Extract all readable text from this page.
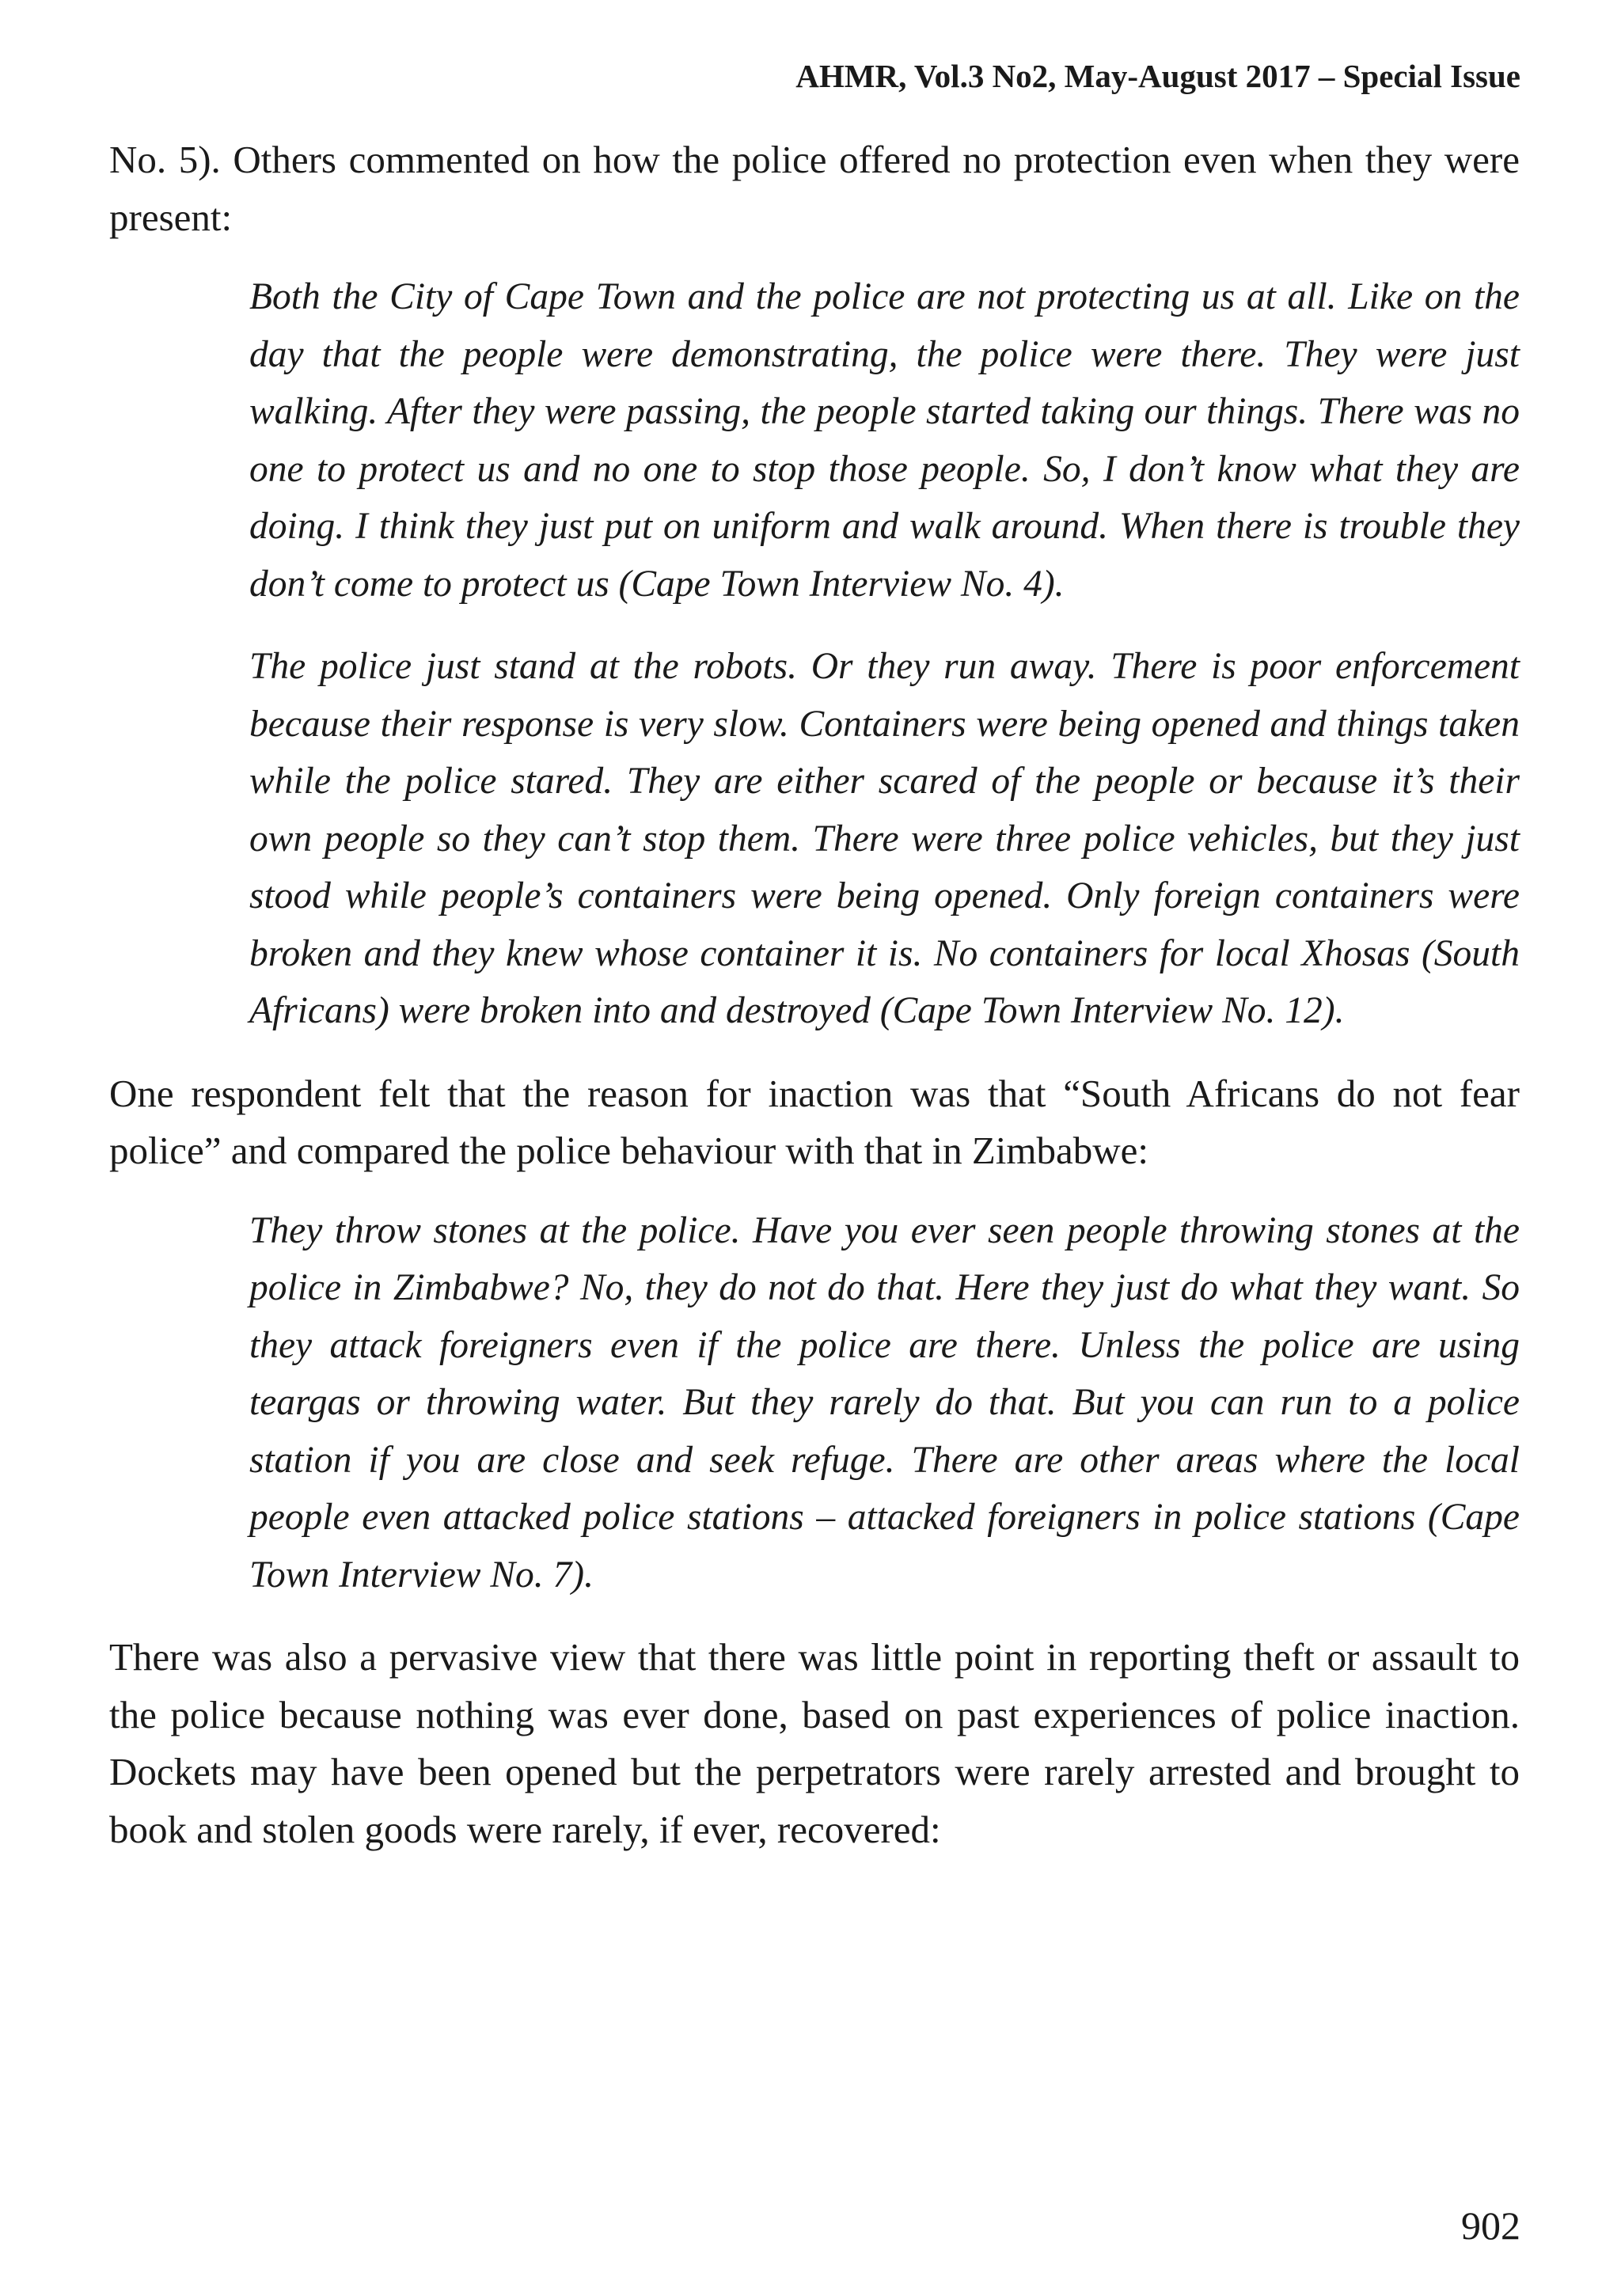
AHMR, Vol.3 No2, May-August 2017 – Special Issue

No. 5). Others commented on how the police offered no protection even when they were present:

Both the City of Cape Town and the police are not protecting us at all. Like on the day that the people were demonstrating, the police were there. They were just walking. After they were passing, the people started taking our things. There was no one to protect us and no one to stop those people. So, I don’t know what they are doing. I think they just put on uniform and walk around. When there is trouble they don’t come to protect us (Cape Town Interview No. 4).

The police just stand at the robots. Or they run away. There is poor enforcement because their response is very slow. Containers were being opened and things taken while the police stared. They are either scared of the people or because it’s their own people so they can’t stop them. There were three police vehicles, but they just stood while people’s containers were being opened. Only foreign containers were broken and they knew whose container it is. No containers for local Xhosas (South Africans) were broken into and destroyed (Cape Town Interview No. 12).

One respondent felt that the reason for inaction was that “South Africans do not fear police” and compared the police behaviour with that in Zimbabwe:

They throw stones at the police. Have you ever seen people throwing stones at the police in Zimbabwe? No, they do not do that. Here they just do what they want. So they attack foreigners even if the police are there. Unless the police are using teargas or throwing water. But they rarely do that. But you can run to a police station if you are close and seek refuge. There are other areas where the local people even attacked police stations – attacked foreigners in police stations (Cape Town Interview No. 7).

There was also a pervasive view that there was little point in reporting theft or assault to the police because nothing was ever done, based on past experiences of police inaction. Dockets may have been opened but the perpetrators were rarely arrested and brought to book and stolen goods were rarely, if ever, recovered:

902
